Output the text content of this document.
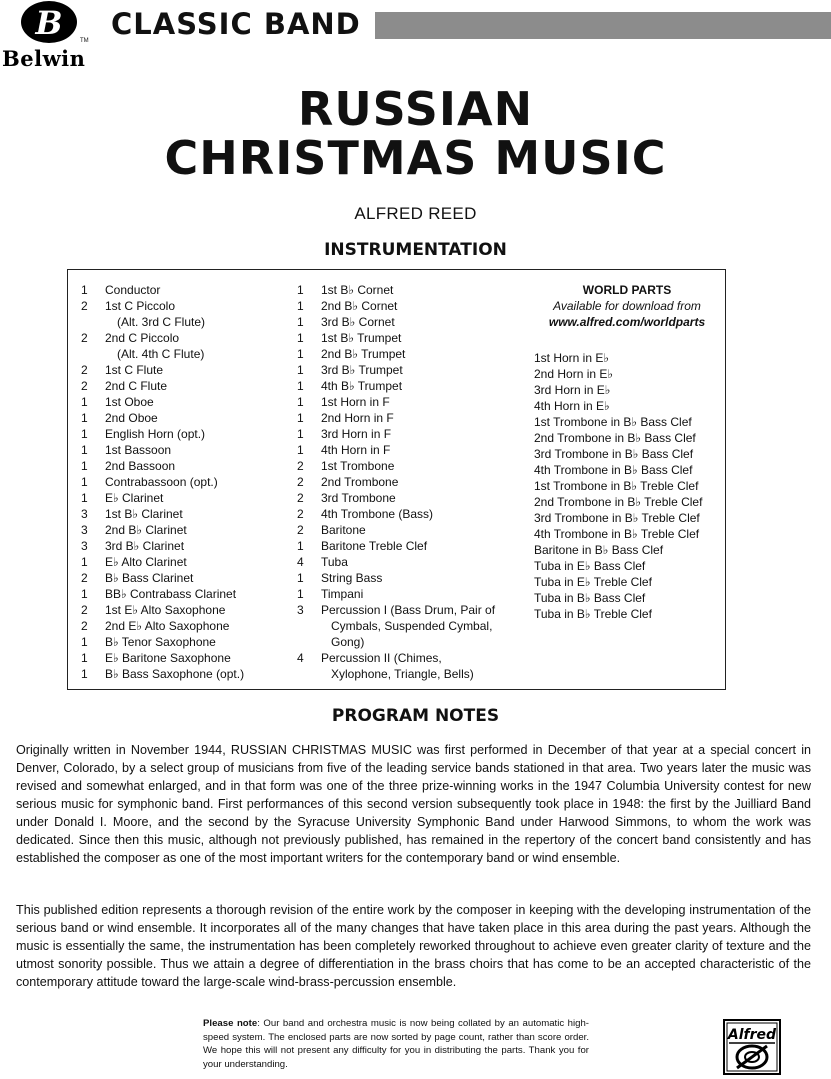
B	TM
Belwin
CLASSIC BAND
RUSSIAN
CHRISTMAS MUSIC
ALFRED REED
INSTRUMENTATION
1	Conductor
2	1st C Piccolo
(Alt. 3rd C Flute)
2	2nd C Piccolo
(Alt. 4th C Flute)
2	1st C Flute
2	2nd C Flute
1	1st Oboe
1	2nd Oboe
1	English Horn (opt.)
1	1st Bassoon
1	2nd Bassoon
1	Contrabassoon (opt.)
1	E♭ Clarinet
3	1st B♭ Clarinet
3	2nd B♭ Clarinet
3	3rd B♭ Clarinet
1	E♭ Alto Clarinet
2	B♭ Bass Clarinet
1	BB♭ Contrabass Clarinet
2	1st E♭ Alto Saxophone
2	2nd E♭ Alto Saxophone
1	B♭ Tenor Saxophone
1	E♭ Baritone Saxophone
1	B♭ Bass Saxophone (opt.)
1	1st B♭ Cornet
1	2nd B♭ Cornet
1	3rd B♭ Cornet
1	1st B♭ Trumpet
1	2nd B♭ Trumpet
1	3rd B♭ Trumpet
1	4th B♭ Trumpet
1	1st Horn in F
1	2nd Horn in F
1	3rd Horn in F
1	4th Horn in F
2	1st Trombone
2	2nd Trombone
2	3rd Trombone
2	4th Trombone (Bass)
2	Baritone
1	Baritone Treble Clef
4	Tuba
1	String Bass
1	Timpani
3	Percussion I (Bass Drum, Pair of
Cymbals, Suspended Cymbal,
Gong)
4	Percussion II (Chimes,
Xylophone, Triangle, Bells)
WORLD PARTS
Available for download from
www.alfred.com/worldparts
1st Horn in E♭
2nd Horn in E♭
3rd Horn in E♭
4th Horn in E♭
1st Trombone in B♭ Bass Clef
2nd Trombone in B♭ Bass Clef
3rd Trombone in B♭ Bass Clef
4th Trombone in B♭ Bass Clef
1st Trombone in B♭ Treble Clef
2nd Trombone in B♭ Treble Clef
3rd Trombone in B♭ Treble Clef
4th Trombone in B♭ Treble Clef
Baritone in B♭ Bass Clef
Tuba in E♭ Bass Clef
Tuba in E♭ Treble Clef
Tuba in B♭ Bass Clef
Tuba in B♭ Treble Clef
PROGRAM NOTES
Originally written in November 1944, RUSSIAN CHRISTMAS MUSIC was first performed in December of that year at a special concert in Denver, Colorado, by a select group of musicians from five of the leading service bands stationed in that area. Two years later the music was revised and somewhat enlarged, and in that form was one of the three prize-winning works in the 1947 Columbia University contest for new serious music for symphonic band. First performances of this second version subsequently took place in 1948: the first by the Juilliard Band under Donald I. Moore, and the second by the Syracuse University Symphonic Band under Harwood Simmons, to whom the work was dedicated. Since then this music, although not previously published, has remained in the repertory of the concert band consistently and has established the composer as one of the most important writers for the contemporary band or wind ensemble.
This published edition represents a thorough revision of the entire work by the composer in keeping with the developing instrumentation of the serious band or wind ensemble. It incorporates all of the many changes that have taken place in this area during the past years. Although the music is essentially the same, the instrumentation has been completely reworked throughout to achieve even greater clarity of texture and the utmost sonority possible. Thus we attain a degree of differentiation in the brass choirs that has come to be an accepted characteristic of the contemporary attitude toward the large-scale wind-brass-percussion ensemble.
Please note: Our band and orchestra music is now being collated by an automatic high-speed system. The enclosed parts are now sorted by page count, rather than score order. We hope this will not present any difficulty for you in distributing the parts. Thank you for your understanding.
Alfred
